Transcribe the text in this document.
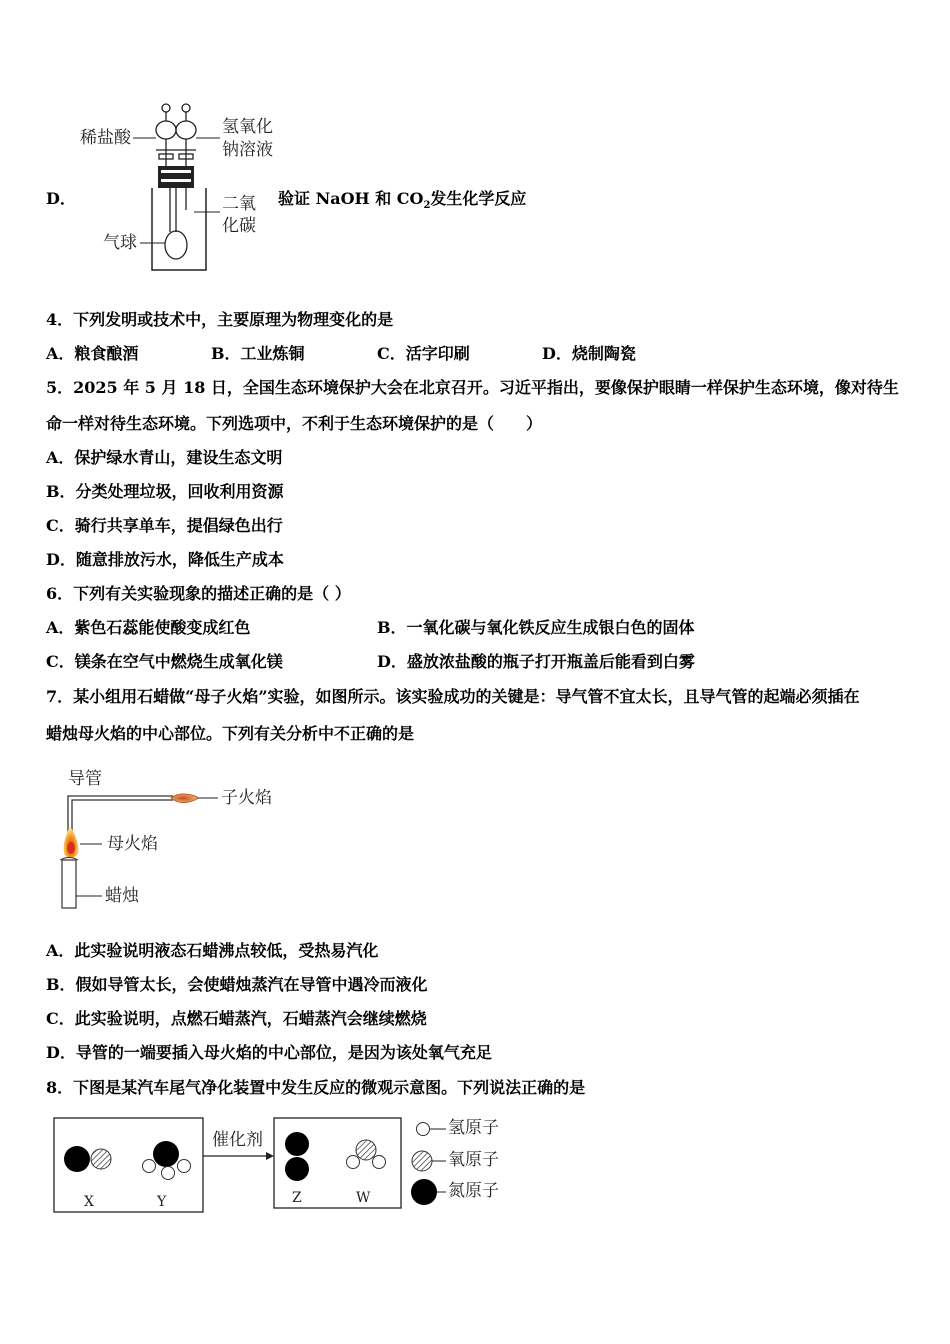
稀盐酸
氢氧化
钠溶液
二氧
化碳
气球
D．	验证 NaOH 和 $CO_2$发生化学反应
4．下列发明或技术中，主要原理为物理变化的是
A．粮食酿酒	B．工业炼铜	C．活字印刷	D．烧制陶瓷
5．2025 年 5 月 18 日，全国生态环境保护大会在北京召开。习近平指出，要像保护眼睛一样保护生态环境，像对待生
命一样对待生态环境。下列选项中，不利于生态环境保护的是（　　）
A．保护绿水青山，建设生态文明
B．分类处理垃圾，回收利用资源
C．骑行共享单车，提倡绿色出行
D．随意排放污水，降低生产成本
6．下列有关实验现象的描述正确的是（ ）
A．紫色石蕊能使酸变成红色	B．一氧化碳与氧化铁反应生成银白色的固体
C．镁条在空气中燃烧生成氧化镁	D．盛放浓盐酸的瓶子打开瓶盖后能看到白雾
7．某小组用石蜡做“母子火焰”实验，如图所示。该实验成功的关键是：导气管不宜太长，且导气管的起端必须插在
蜡烛母火焰的中心部位。下列有关分析中不正确的是
导管
子火焰
母火焰
蜡烛
A．此实验说明液态石蜡沸点较低，受热易汽化
B．假如导管太长，会使蜡烛蒸汽在导管中遇冷而液化
C．此实验说明，点燃石蜡蒸汽，石蜡蒸汽会继续燃烧
D．导管的一端要插入母火焰的中心部位，是因为该处氧气充足
8．下图是某汽车尾气净化装置中发生反应的微观示意图。下列说法正确的是
催化剂
X	Y	Z	W
氢原子
氧原子
氮原子
